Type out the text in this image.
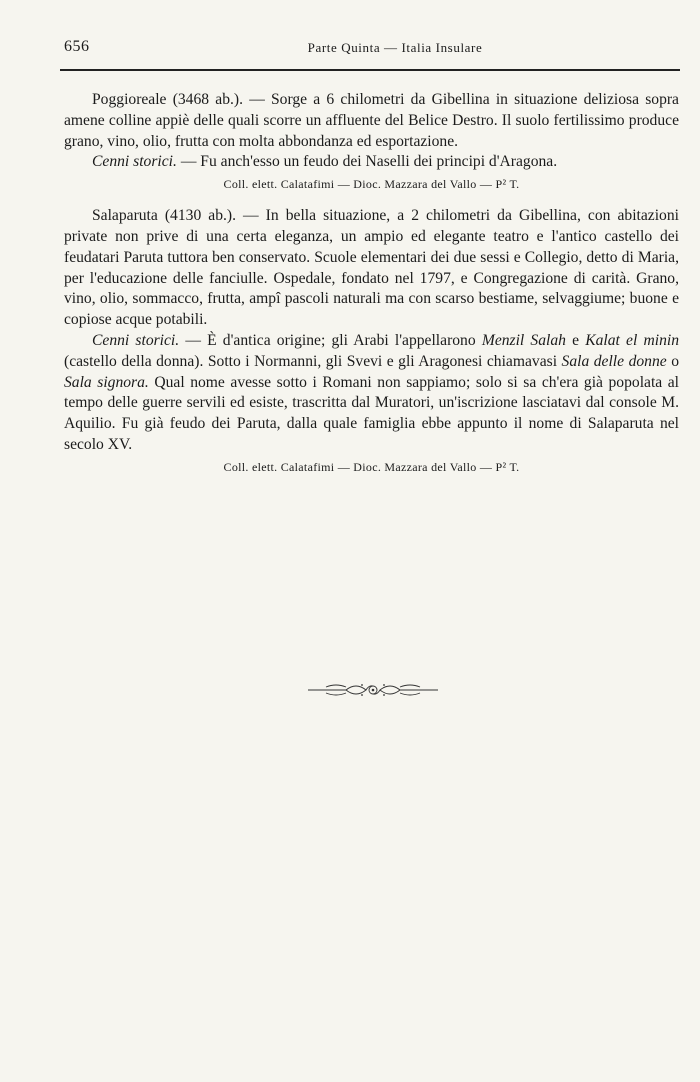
656	Parte Quinta — Italia Insulare

Poggioreale (3468 ab.). — Sorge a 6 chilometri da Gibellina in situazione deliziosa sopra amene colline appiè delle quali scorre un affluente del Belice Destro. Il suolo fertilissimo produce grano, vino, olio, frutta con molta abbondanza ed esportazione.

Cenni storici. — Fu anch'esso un feudo dei Naselli dei principi d'Aragona.

Coll. elett. Calatafimi — Dioc. Mazzara del Vallo — P² T.

Salaparuta (4130 ab.). — In bella situazione, a 2 chilometri da Gibellina, con abitazioni private non prive di una certa eleganza, un ampio ed elegante teatro e l'antico castello dei feudatari Paruta tuttora ben conservato. Scuole elementari dei due sessi e Collegio, detto di Maria, per l'educazione delle fanciulle. Ospedale, fondato nel 1797, e Congregazione di carità. Grano, vino, olio, sommacco, frutta, ampî pascoli naturali ma con scarso bestiame, selvaggiume; buone e copiose acque potabili.

Cenni storici. — È d'antica origine; gli Arabi l'appellarono Menzil Salah e Kalat el minin (castello della donna). Sotto i Normanni, gli Svevi e gli Aragonesi chiamavasi Sala delle donne o Sala signora. Qual nome avesse sotto i Romani non sappiamo; solo si sa ch'era già popolata al tempo delle guerre servili ed esiste, trascritta dal Muratori, un'iscrizione lasciatavi dal console M. Aquilio. Fu già feudo dei Paruta, dalla quale famiglia ebbe appunto il nome di Salaparuta nel secolo XV.

Coll. elett. Calatafimi — Dioc. Mazzara del Vallo — P² T.
